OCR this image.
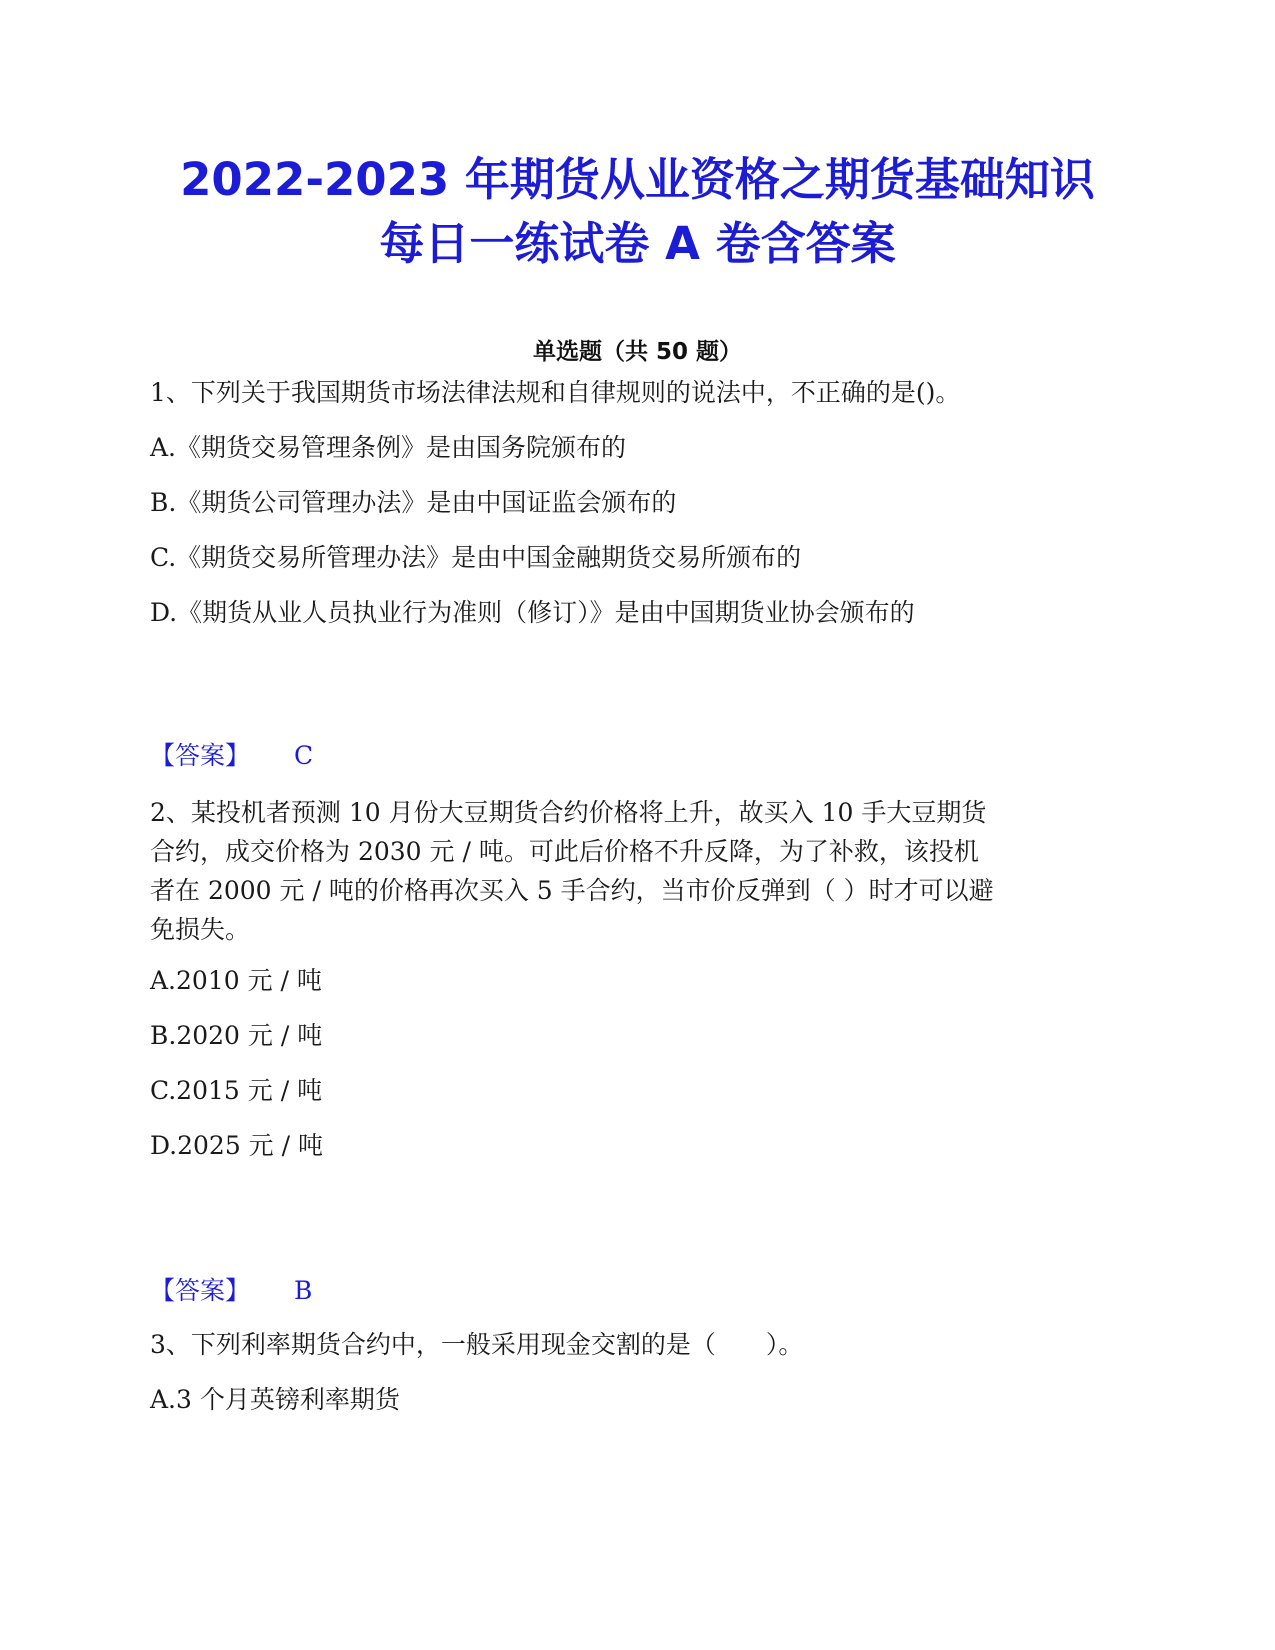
2022-2023 年期货从业资格之期货基础知识
每日一练试卷 A 卷含答案
单选题（共 50 题）
1、下列关于我国期货市场法律法规和自律规则的说法中，不正确的是()。
A.《期货交易管理条例》是由国务院颁布的
B.《期货公司管理办法》是由中国证监会颁布的
C.《期货交易所管理办法》是由中国金融期货交易所颁布的
D.《期货从业人员执业行为准则（修订）》是由中国期货业协会颁布的
【答案】 C
2、某投机者预测 10 月份大豆期货合约价格将上升，故买入 10 手大豆期货
合约，成交价格为 2030 元 / 吨。可此后价格不升反降，为了补救，该投机
者在 2000 元 / 吨的价格再次买入 5 手合约，当市价反弹到（ ）时才可以避
免损失。
A.2010 元 / 吨
B.2020 元 / 吨
C.2015 元 / 吨
D.2025 元 / 吨
【答案】 B
3、下列利率期货合约中，一般采用现金交割的是（　　）。
A.3 个月英镑利率期货
